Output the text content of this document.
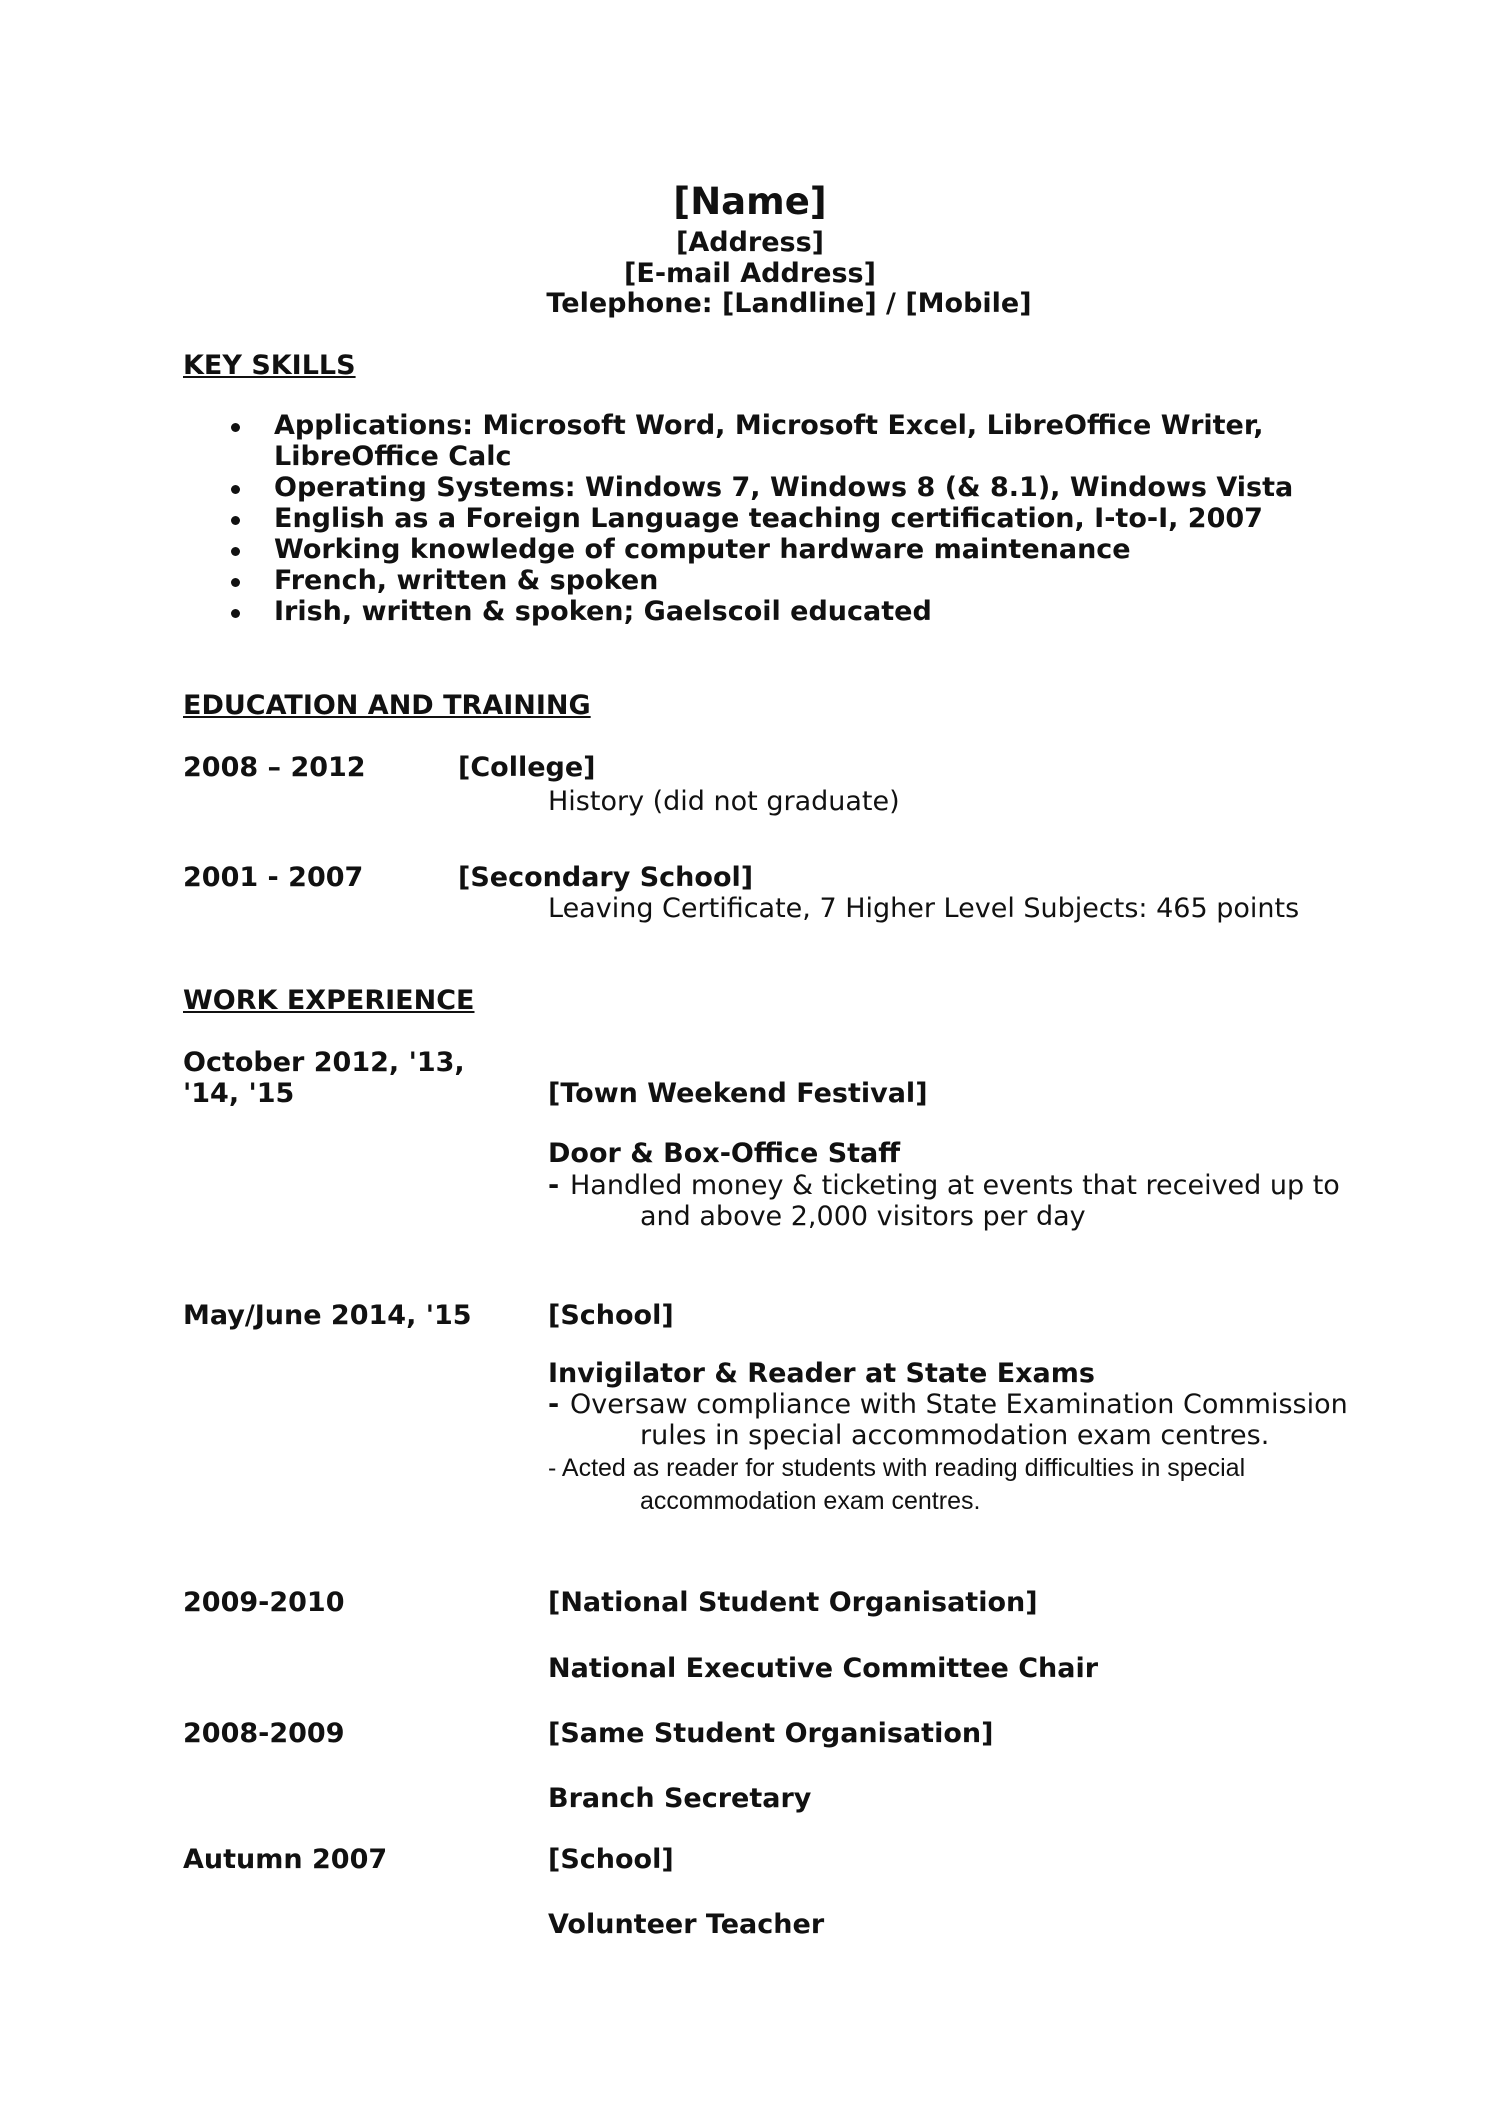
[Name]
[Address]
[E-mail Address]
Telephone: [Landline] / [Mobile]
KEY SKILLS
Applications: Microsoft Word, Microsoft Excel, LibreOffice Writer,
LibreOffice Calc
Operating Systems: Windows 7, Windows 8 (& 8.1), Windows Vista
English as a Foreign Language teaching certification, I-to-I, 2007
Working knowledge of computer hardware maintenance
French, written & spoken
Irish, written & spoken; Gaelscoil educated
EDUCATION AND TRAINING
2008 – 2012	[College]
History (did not graduate)
2001 - 2007	[Secondary School]
Leaving Certificate, 7 Higher Level Subjects: 465 points
WORK EXPERIENCE
October 2012, '13,
'14, '15	[Town Weekend Festival]
Door & Box-Office Staff
- Handled money & ticketing at events that received up to
and above 2,000 visitors per day
May/June 2014, '15	[School]
Invigilator & Reader at State Exams
- Oversaw compliance with State Examination Commission
rules in special accommodation exam centres.
- Acted as reader for students with reading difficulties in special
accommodation exam centres.
2009-2010	[National Student Organisation]
National Executive Committee Chair
2008-2009	[Same Student Organisation]
Branch Secretary
Autumn 2007	[School]
Volunteer Teacher
